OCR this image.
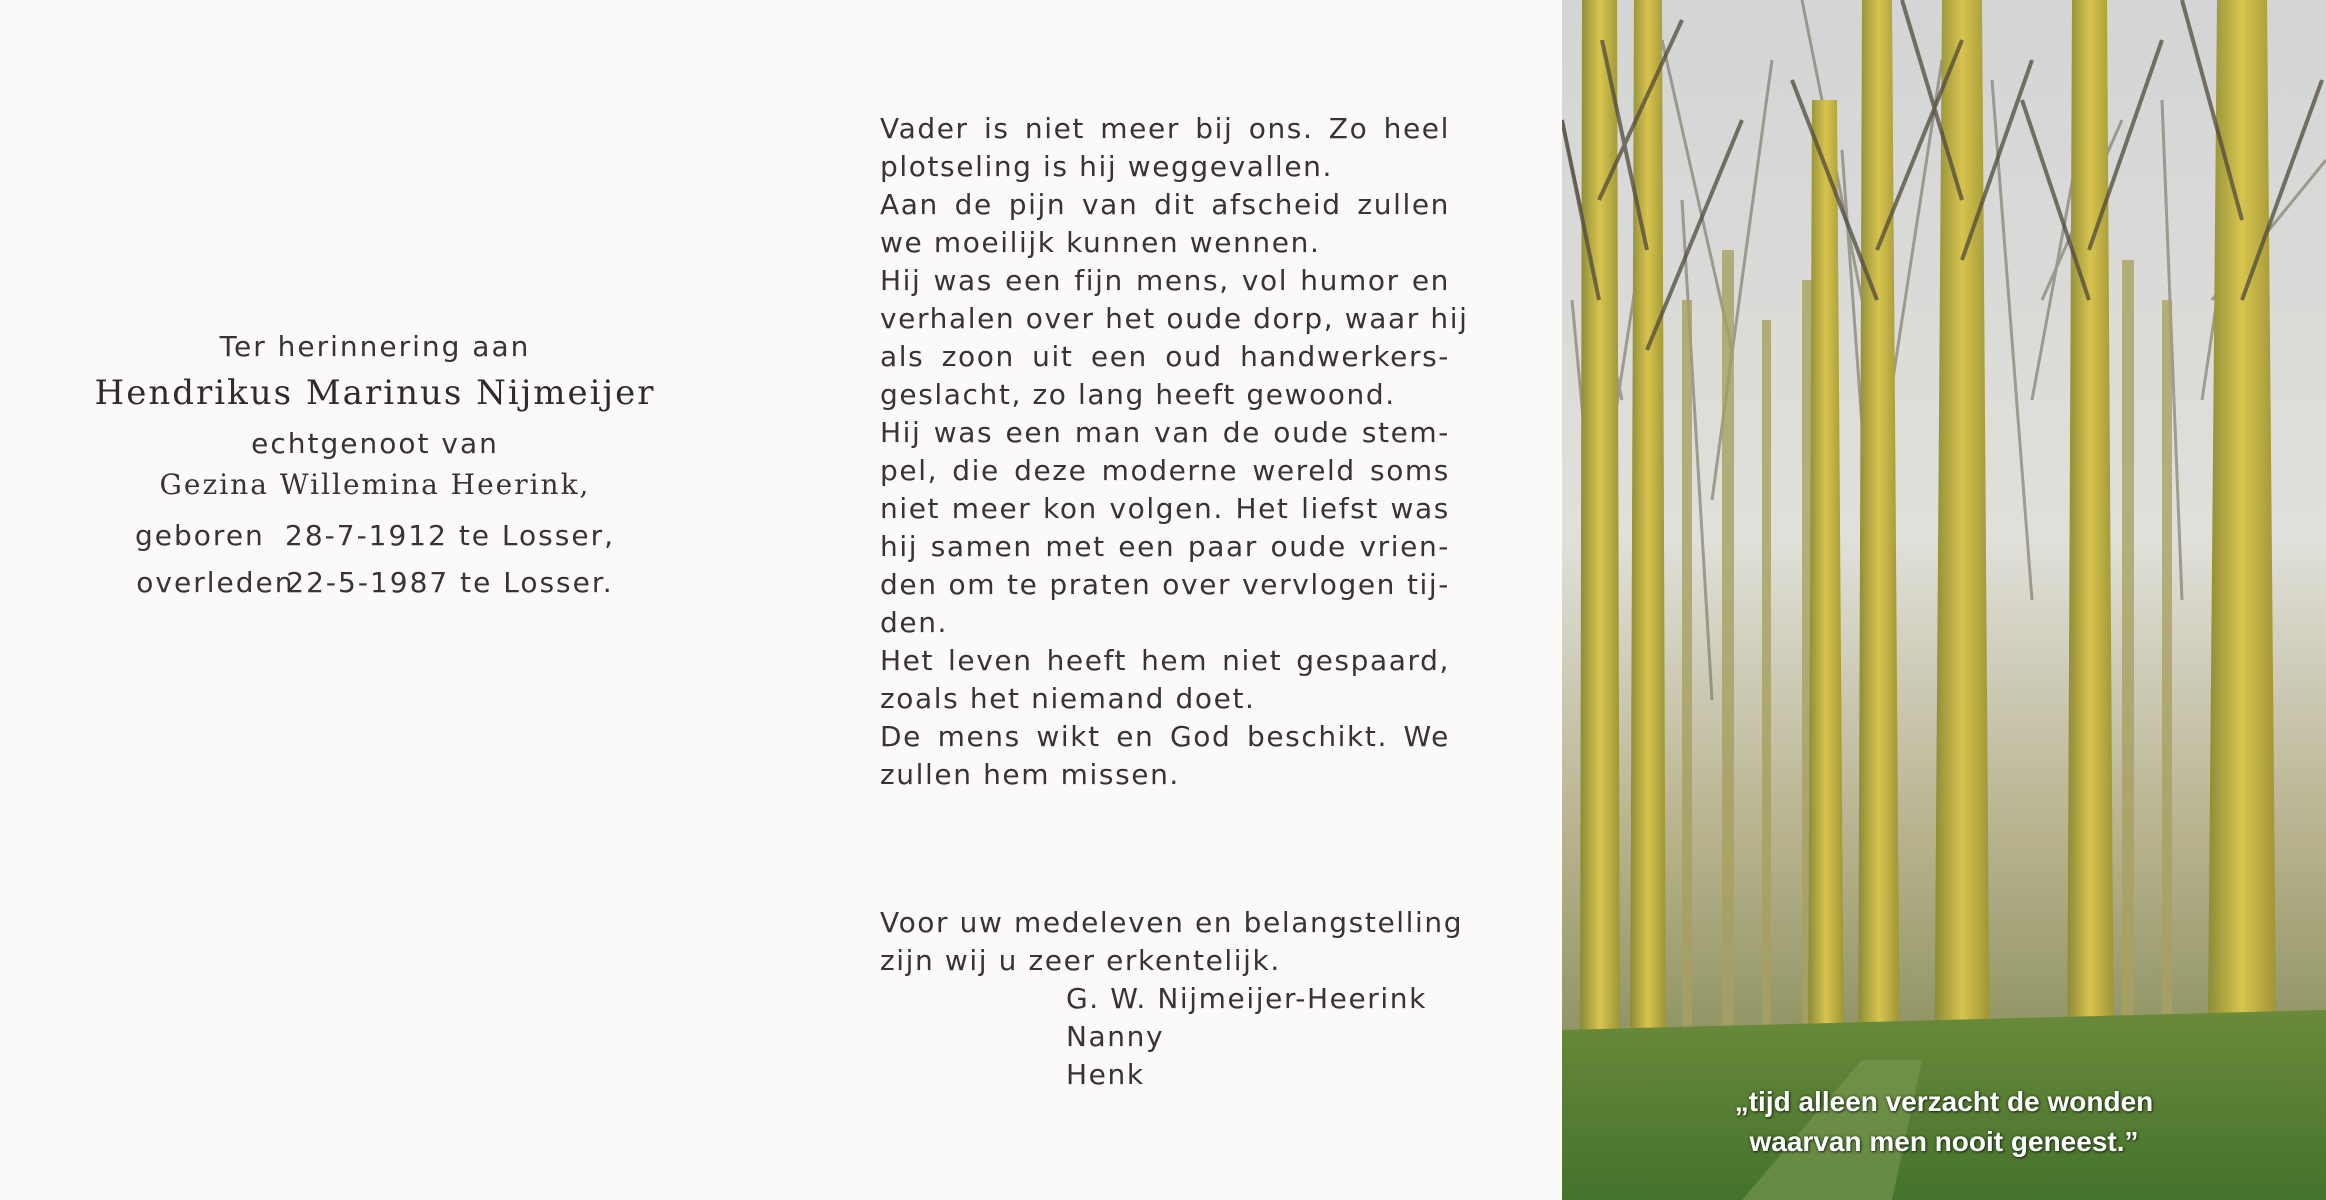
Ter herinnering aan
Hendrikus Marinus Nijmeijer
echtgenoot van
Gezina Willemina Heerink,
geboren 28-7-1912 te Losser,
overleden22-5-1987 te Losser.
Vader is niet meer bij ons. Zo heel
plotseling is hij weggevallen.
Aan de pijn van dit afscheid zullen
we moeilijk kunnen wennen.
Hij was een fijn mens, vol humor en
verhalen over het oude dorp, waar hij
als zoon uit een oud handwerkers-
geslacht, zo lang heeft gewoond.
Hij was een man van de oude stem-
pel, die deze moderne wereld soms
niet meer kon volgen. Het liefst was
hij samen met een paar oude vrien-
den om te praten over vervlogen tij-
den.
Het leven heeft hem niet gespaard,
zoals het niemand doet.
De mens wikt en God beschikt. We
zullen hem missen.
Voor uw medeleven en belangstelling
zijn wij u zeer erkentelijk.
G. W. Nijmeijer-Heerink
Nanny
Henk
„tijd alleen verzacht de wonden
waarvan men nooit geneest.”
